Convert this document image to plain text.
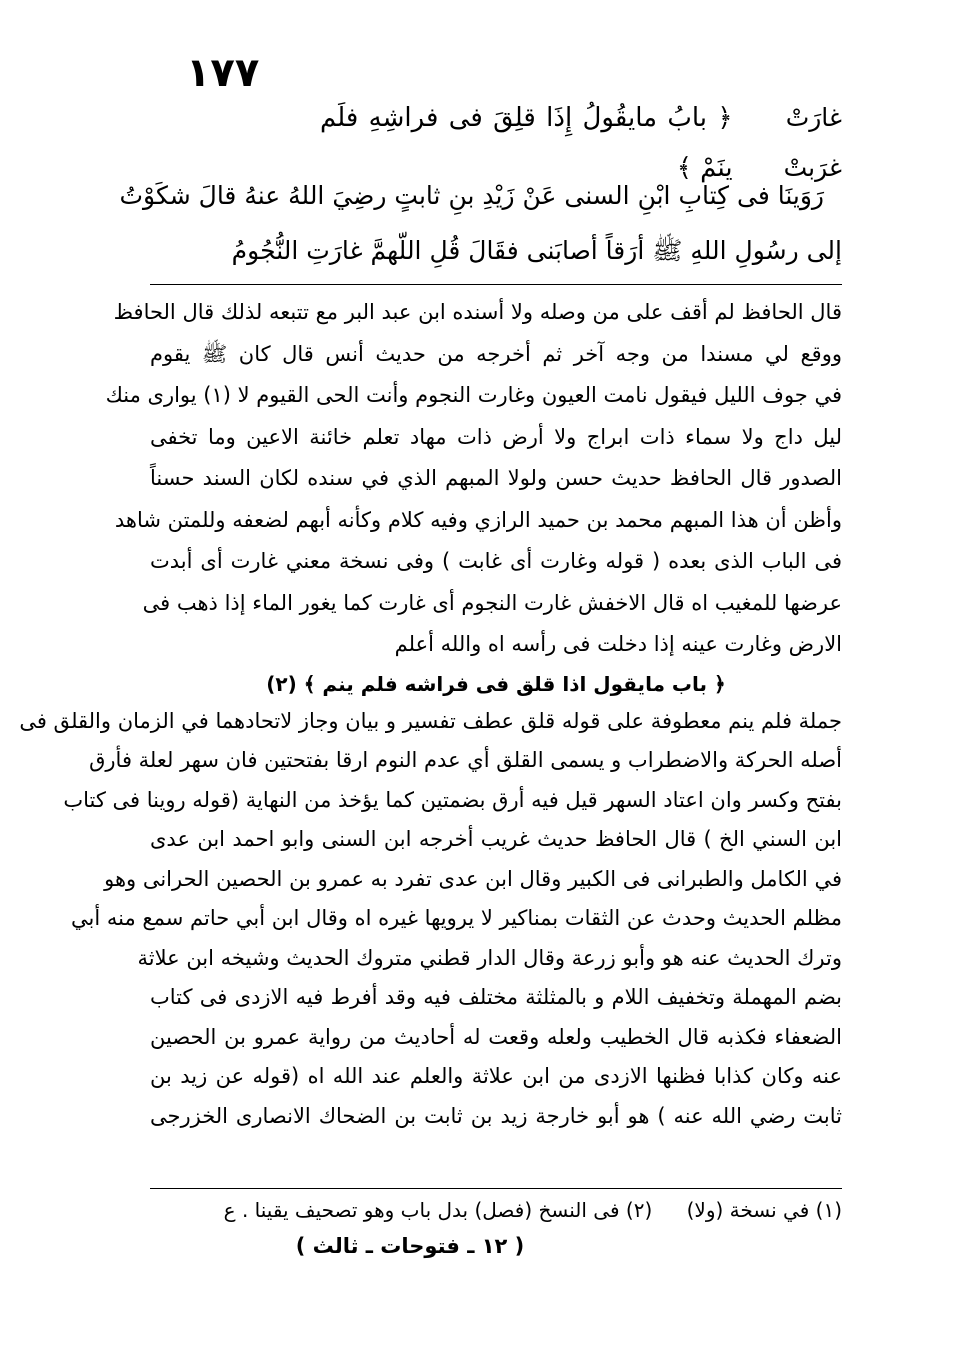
١٧٧
غارَتْ غرَبتْ
﴿ بابُ مايقُولُ إِذَا قلِقَ فى فراشِهِ فلَم ينَمْ ﴾
رَوَينَا فى كِتابِ ابْنِ السنى عَنْ زَيْدِ بنِ ثابتٍ رضِيَ اللهُ عنهُ قالَ شكَوْتُ
إلى رسُولِ اللهِ ﷺ أرَقاً أصابَنى فقَالَ قُلِ اللّهمَّ غارَتِ النُّجُومُ
قال الحافظ لم أقف على من وصله ولا أسنده ابن عبد البر مع تتبعه لذلك قال الحافظ
ووقع لي مسندا من وجه آخر ثم أخرجه من حديث أنس قال كان ﷺ يقوم
في جوف الليل فيقول نامت العيون وغارت النجوم وأنت الحى القيوم لا (١) يوارى منك
ليل داج ولا سماء ذات ابراج ولا أرض ذات مهاد تعلم خائنة الاعين وما تخفى
الصدور قال الحافظ حديث حسن ولولا المبهم الذي في سنده لكان السند حسناً
وأظن أن هذا المبهم محمد بن حميد الرازي وفيه كلام وكأنه أبهم لضعفه وللمتن شاهد
فى الباب الذى بعده ( قوله وغارت أى غابت ) وفى نسخة معني غارت أى أبدت
عرضها للمغيب اه قال الاخفش غارت النجوم أى غارت كما يغور الماء إذا ذهب فى
الارض وغارت عينه إذا دخلت فى رأسه اه والله أعلم
﴿ باب مايقول اذا قلق فى فراشه فلم ينم ﴾ (٢)
جملة فلم ينم معطوفة على قوله قلق عطف تفسير و بيان وجاز لاتحادهما في الزمان والقلق فى
أصله الحركة والاضطراب و يسمى القلق أي عدم النوم ارقا بفتحتين فان سهر لعلة فأرق
بفتح وكسر وان اعتاد السهر قيل فيه أرق بضمتين كما يؤخذ من النهاية (قوله روينا فى كتاب
ابن السني الخ ) قال الحافظ حديث غريب أخرجه ابن السنى وابو احمد ابن عدى
في الكامل والطبرانى فى الكبير وقال ابن عدى تفرد به عمرو بن الحصين الحرانى وهو
مظلم الحديث وحدث عن الثقات بمناكير لا يرويها غيره اه وقال ابن أبي حاتم سمع منه أبي
وترك الحديث عنه هو وأبو زرعة وقال الدار قطني متروك الحديث وشيخه ابن علاثة
بضم المهملة وتخفيف اللام و بالمثلثة مختلف فيه وقد أفرط فيه الازدى فى كتاب
الضعفاء فكذبه قال الخطيب ولعله وقعت له أحاديث من رواية عمرو بن الحصين
عنه وكان كذابا فظنها الازدى من ابن علاثة والعلم عند الله اه (قوله عن زيد بن
ثابت رضي الله عنه ) هو أبو خارجة زيد بن ثابت بن الضحاك الانصارى الخزرجى
(١) في نسخة (ولا) (٢) فى النسخ (فصل) بدل باب وهو تصحيف يقينا . ع
( ١٢ ـ فتوحات ـ ثالث )
